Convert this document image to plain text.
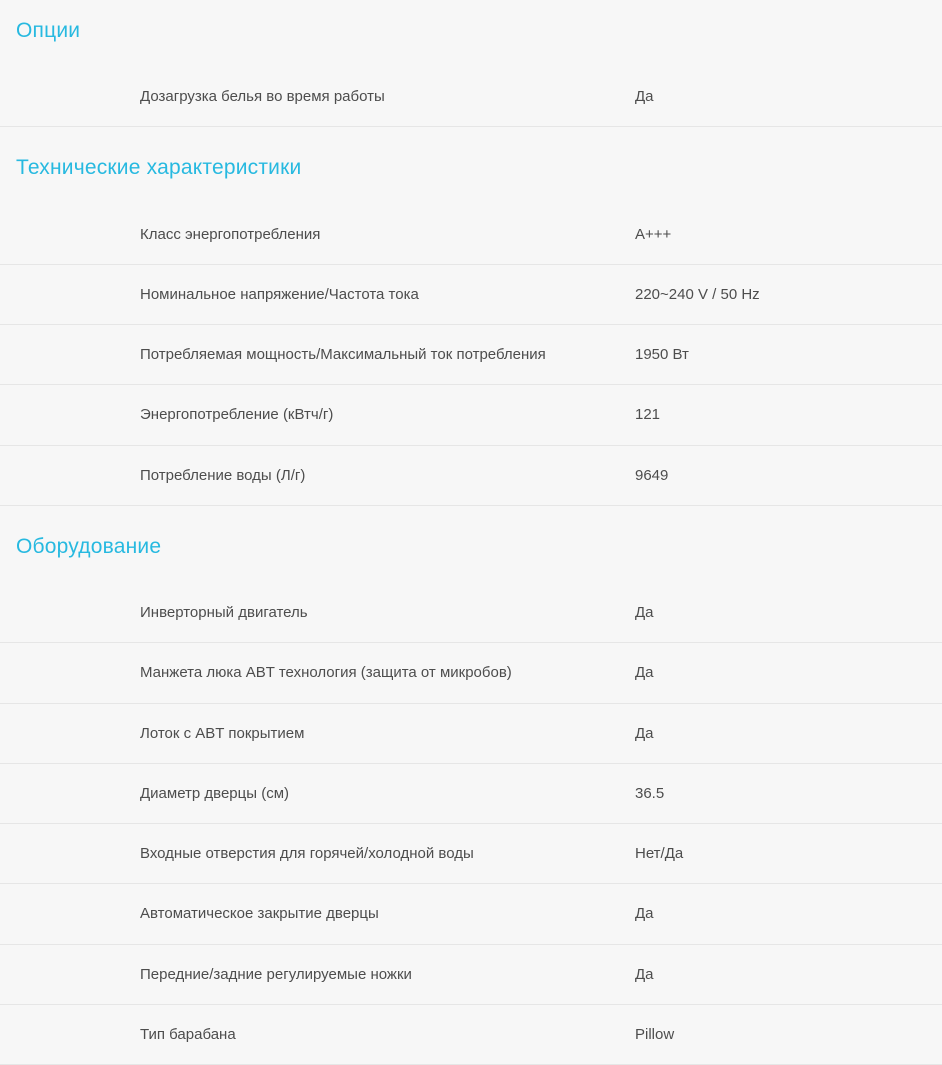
Опции
Дозагрузка белья во время работы	Да
Технические характеристики
Класс энергопотребления	A+++
Номинальное напряжение/Частота тока	220~240 V / 50 Hz
Потребляемая мощность/Максимальный ток потребления	1950 Вт
Энергопотребление (кВтч/г)	121
Потребление воды (Л/г)	9649
Оборудование
Инверторный двигатель	Да
Манжета люка ABT технология (защита от микробов)	Да
Лоток с ABT покрытием	Да
Диаметр дверцы (см)	36.5
Входные отверстия для горячей/холодной воды	Нет/Да
Автоматическое закрытие дверцы	Да
Передние/задние регулируемые ножки	Да
Тип барабана	Pillow
